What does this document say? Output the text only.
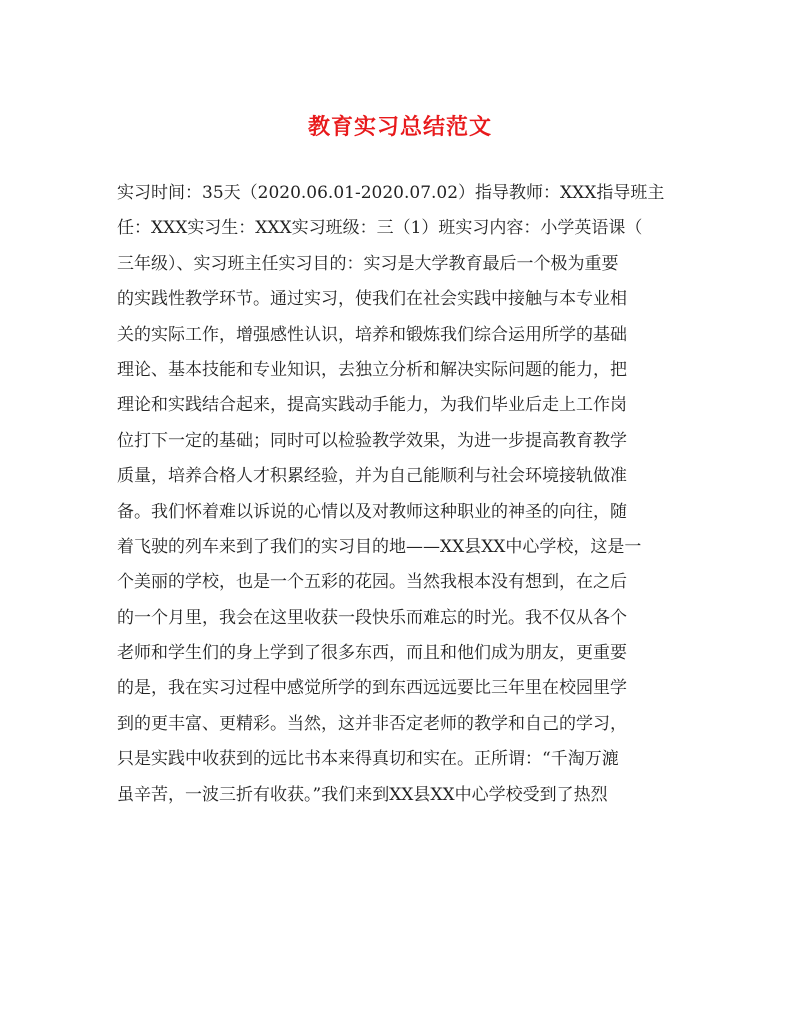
教育实习总结范文
实习时间：35天（2020.06.01-2020.07.02）指导教师：XXX指导班主
任：XXX实习生：XXX实习班级：三（1）班实习内容：小学英语课（
三年级）、实习班主任实习目的：实习是大学教育最后一个极为重要
的实践性教学环节。通过实习，使我们在社会实践中接触与本专业相
关的实际工作，增强感性认识，培养和锻炼我们综合运用所学的基础
理论、基本技能和专业知识，去独立分析和解决实际问题的能力，把
理论和实践结合起来，提高实践动手能力，为我们毕业后走上工作岗
位打下一定的基础；同时可以检验教学效果，为进一步提高教育教学
质量，培养合格人才积累经验，并为自己能顺利与社会环境接轨做准
备。我们怀着难以诉说的心情以及对教师这种职业的神圣的向往，随
着飞驶的列车来到了我们的实习目的地——XX县XX中心学校，这是一
个美丽的学校，也是一个五彩的花园。当然我根本没有想到，在之后
的一个月里，我会在这里收获一段快乐而难忘的时光。我不仅从各个
老师和学生们的身上学到了很多东西，而且和他们成为朋友，更重要
的是，我在实习过程中感觉所学的到东西远远要比三年里在校园里学
到的更丰富、更精彩。当然，这并非否定老师的教学和自己的学习，
只是实践中收获到的远比书本来得真切和实在。正所谓：“千淘万漉
虽辛苦，一波三折有收获。”我们来到XX县XX中心学校受到了热烈
